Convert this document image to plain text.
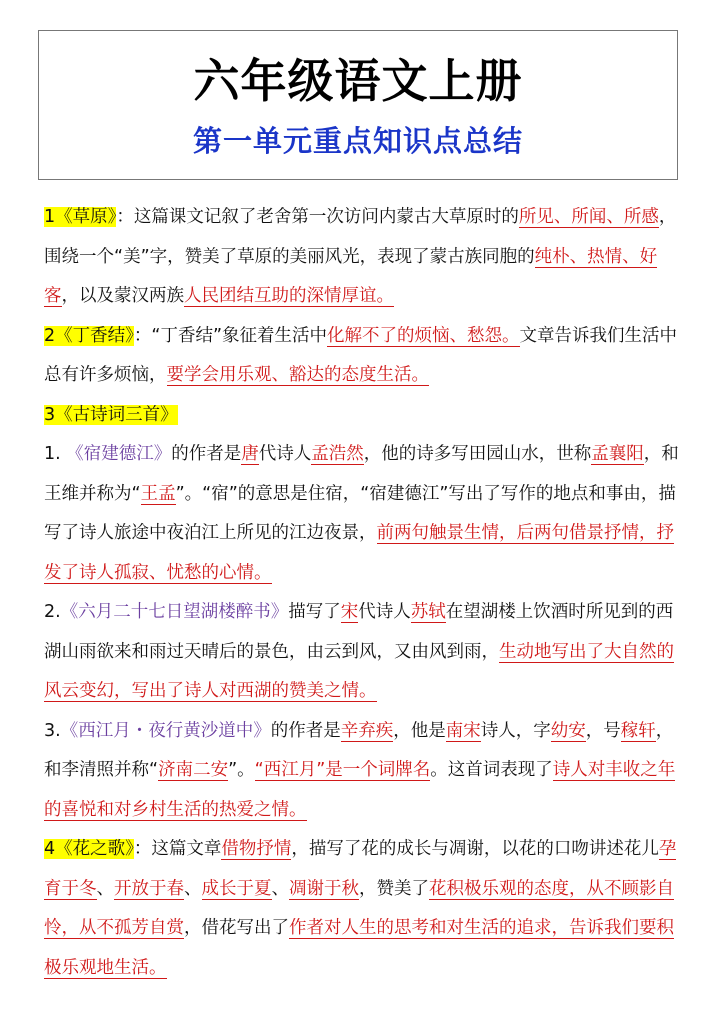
六年级语文上册
第一单元重点知识点总结

1《草原》：这篇课文记叙了老舍第一次访问内蒙古大草原时的所见、所闻、所感，围绕一个“美”字，赞美了草原的美丽风光，表现了蒙古族同胞的纯朴、热情、好客，以及蒙汉两族人民团结互助的深情厚谊。

2《丁香结》：“丁香结”象征着生活中化解不了的烦恼、愁怨。文章告诉我们生活中总有许多烦恼，要学会用乐观、豁达的态度生活。

3《古诗词三首》

1. 《宿建德江》的作者是唐代诗人孟浩然，他的诗多写田园山水，世称孟襄阳，和王维并称为“王孟”。“宿”的意思是住宿，“宿建德江”写出了写作的地点和事由，描写了诗人旅途中夜泊江上所见的江边夜景，前两句触景生情，后两句借景抒情，抒发了诗人孤寂、忧愁的心情。

2.《六月二十七日望湖楼醉书》描写了宋代诗人苏轼在望湖楼上饮酒时所见到的西湖山雨欲来和雨过天晴后的景色，由云到风，又由风到雨，生动地写出了大自然的风云变幻，写出了诗人对西湖的赞美之情。

3.《西江月・夜行黄沙道中》的作者是辛弃疾，他是南宋诗人，字幼安，号稼轩，和李清照并称“济南二安”。“西江月”是一个词牌名。这首词表现了诗人对丰收之年的喜悦和对乡村生活的热爱之情。

4《花之歌》：这篇文章借物抒情，描写了花的成长与凋谢，以花的口吻讲述花儿孕育于冬、开放于春、成长于夏、凋谢于秋，赞美了花积极乐观的态度，从不顾影自怜，从不孤芳自赏，借花写出了作者对人生的思考和对生活的追求，告诉我们要积极乐观地生活。
